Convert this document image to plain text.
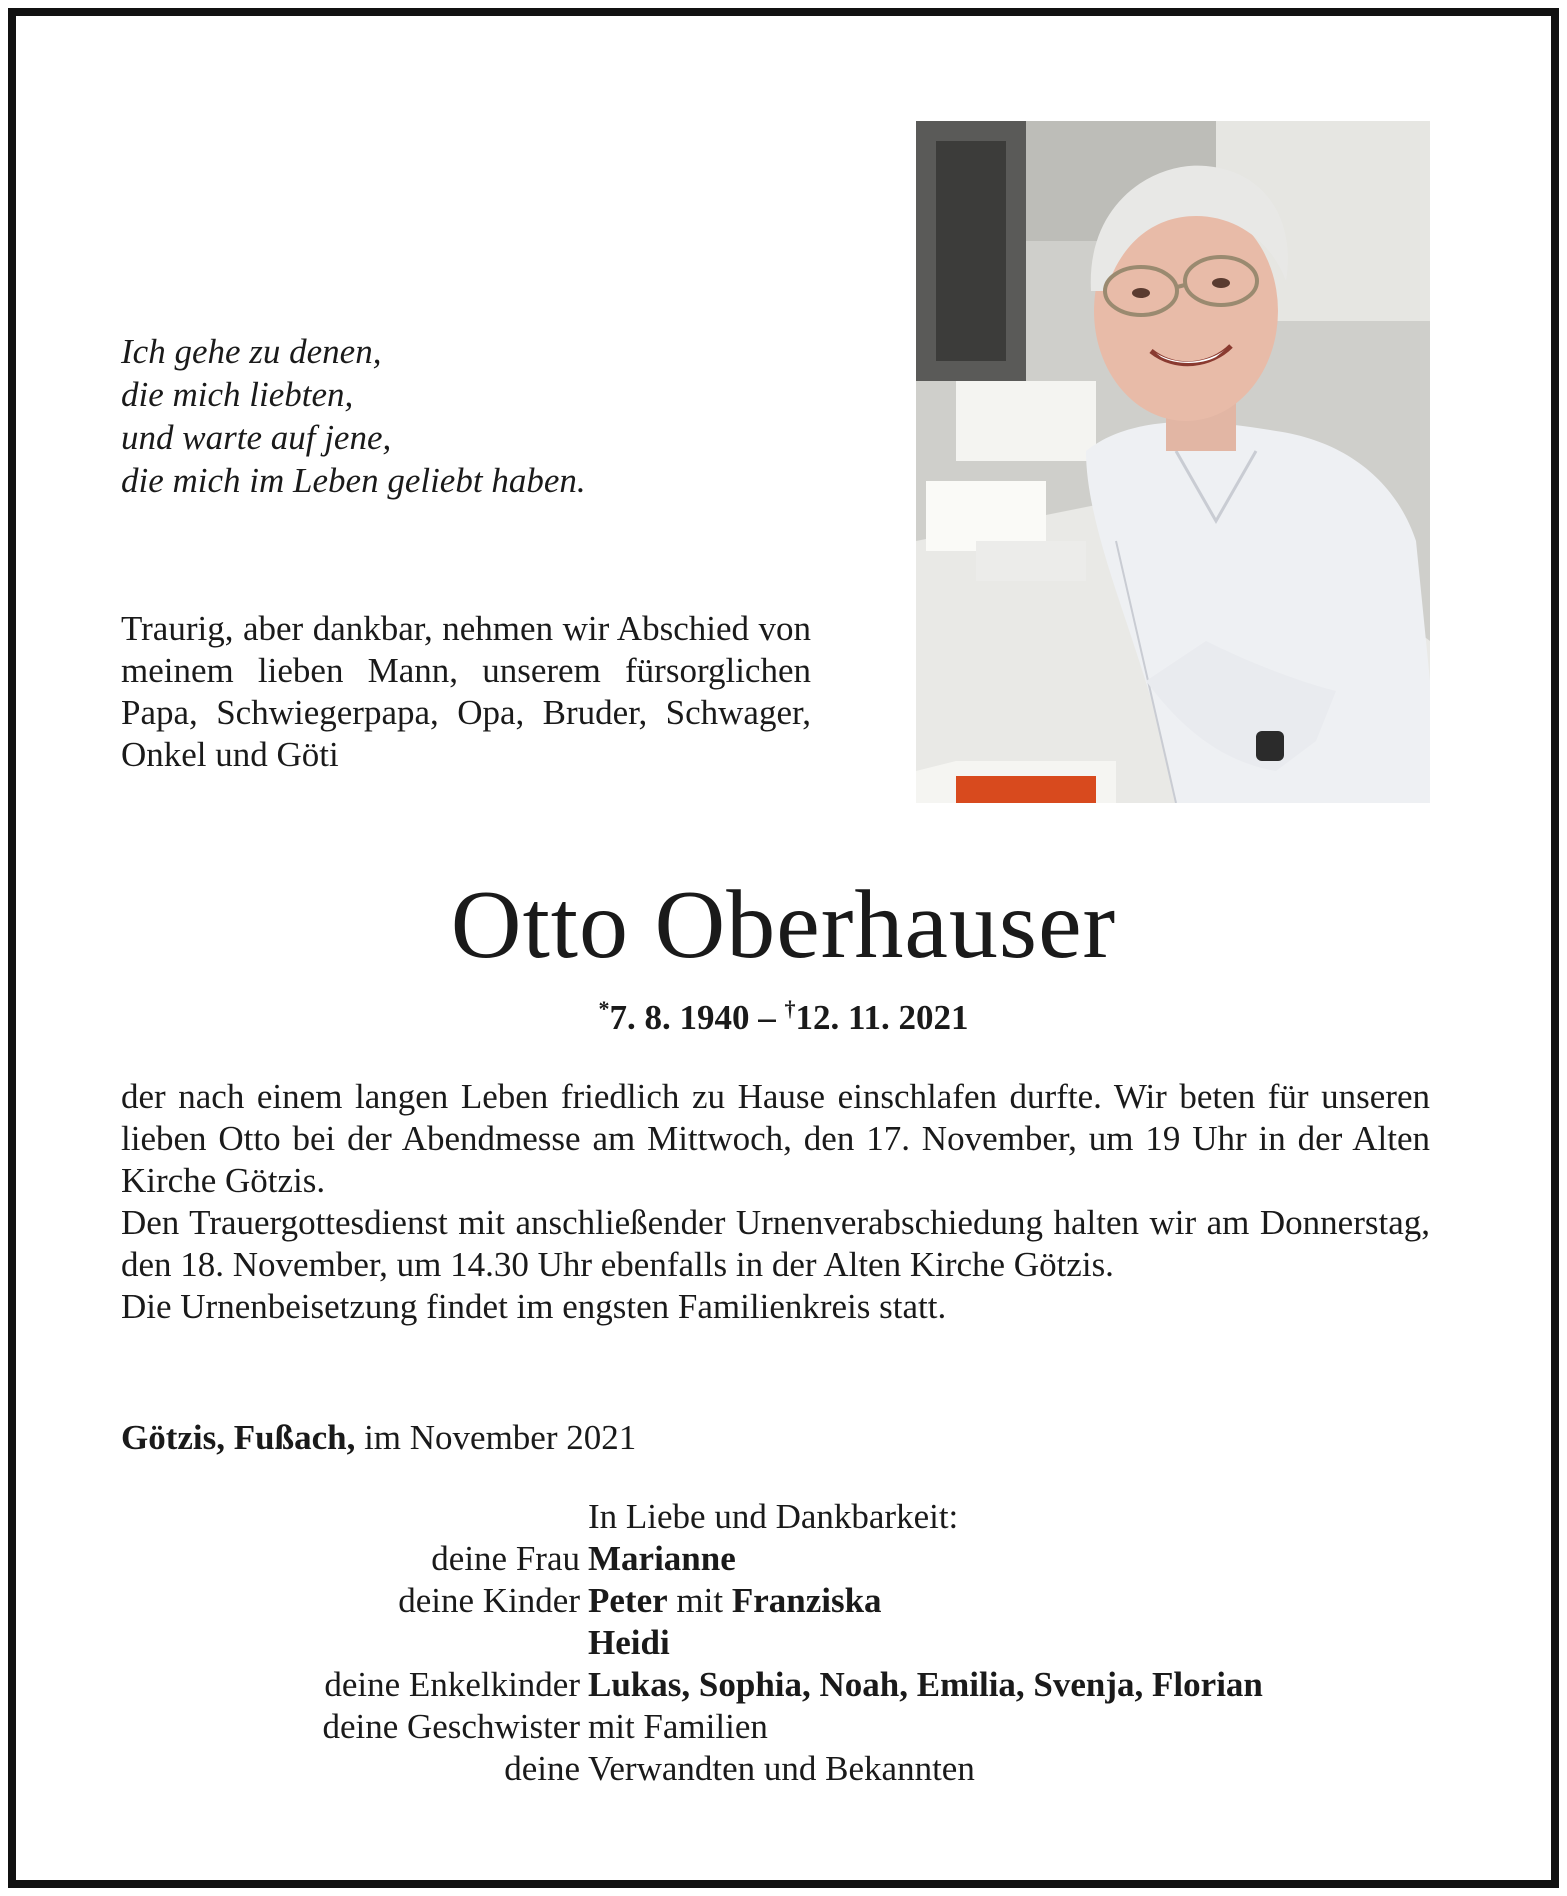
Ich gehe zu denen,
die mich liebten,
und warte auf jene,
die mich im Leben geliebt haben.
Traurig, aber dankbar, nehmen wir Abschied von meinem lieben Mann, unserem fürsorglichen Papa, Schwiegerpapa, Opa, Bruder, Schwager, Onkel und Göti
Otto Oberhauser
*7. 8. 1940 – †12. 11. 2021

der nach einem langen Leben friedlich zu Hause einschlafen durfte. Wir beten für unseren lieben Otto bei der Abendmesse am Mittwoch, den 17. November, um 19 Uhr in der Alten Kirche Götzis.

Den Trauergottesdienst mit anschließender Urnenverabschiedung halten wir am Donnerstag, den 18. November, um 14.30 Uhr ebenfalls in der Alten Kirche Götzis.

Die Urnenbeisetzung findet im engsten Familienkreis statt.

Götzis, Fußach, im November 2021
In Liebe und Dankbarkeit:
deine Frau Marianne
deine Kinder Peter mit Franziska
Heidi
deine Enkelkinder Lukas, Sophia, Noah, Emilia, Svenja, Florian
deine Geschwister mit Familien
deine Verwandten und Bekannten
